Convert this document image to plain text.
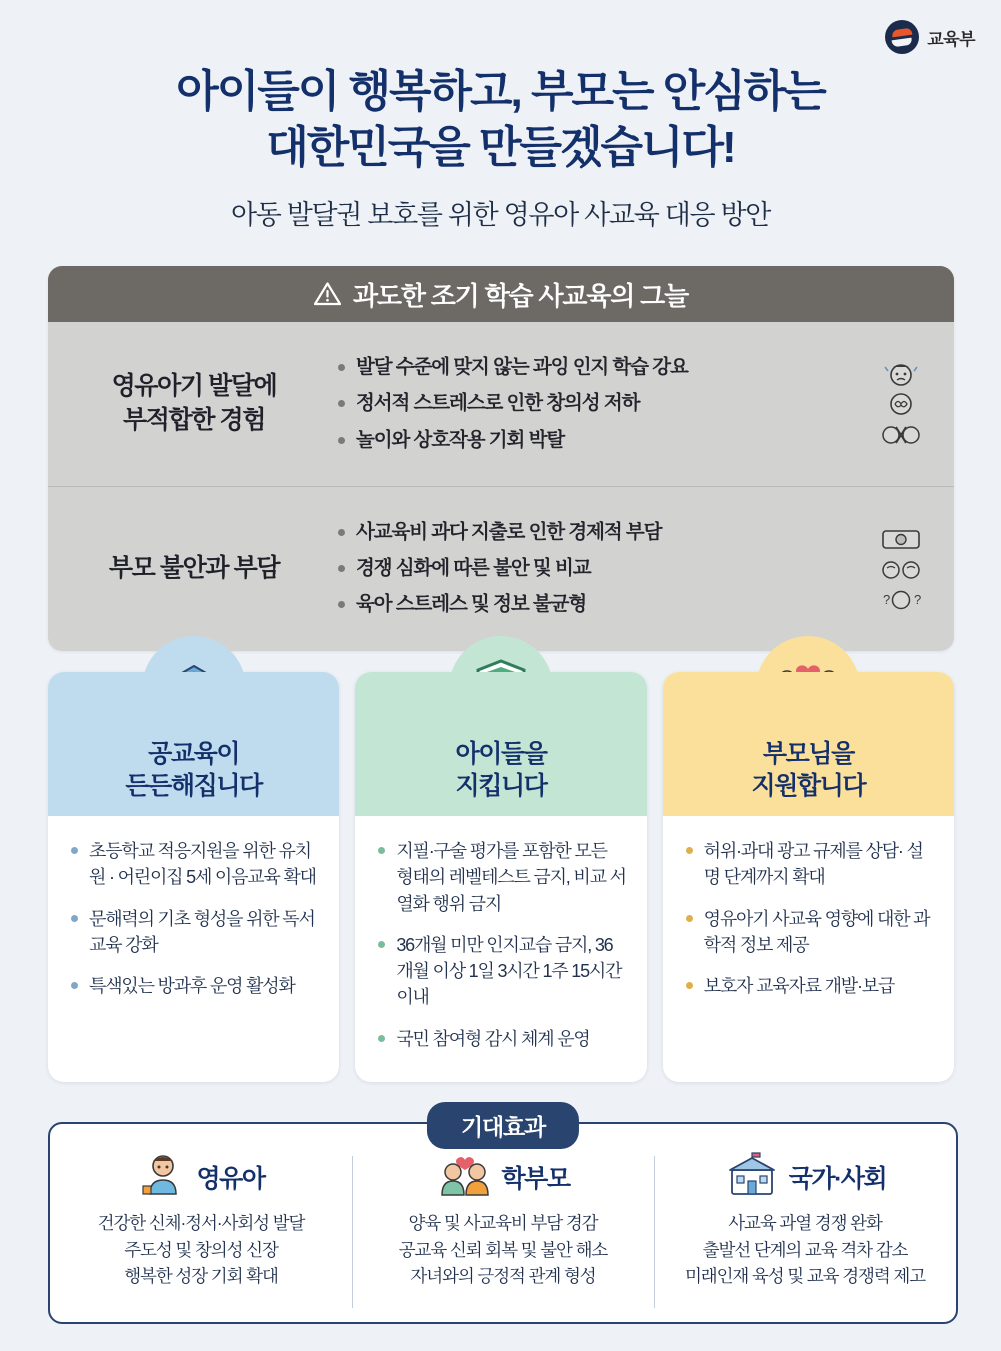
교육부
아이들이 행복하고, 부모는 안심하는
대한민국을 만들겠습니다!
아동 발달권 보호를 위한 영유아 사교육 대응 방안
과도한 조기 학습 사교육의 그늘
영유아기 발달에
부적합한 경험
발달 수준에 맞지 않는 과잉 인지 학습 강요
정서적 스트레스로 인한 창의성 저하
놀이와 상호작용 기회 박탈
부모 불안과 부담
사교육비 과다 지출로 인한 경제적 부담
경쟁 심화에 따른 불안 및 비교
육아 스트레스 및 정보 불균형	? ?
공교육이
든든해집니다
초등학교 적응지원을 위한 유치원 · 어린이집 5세 이음교육 확대
문해력의 기초 형성을 위한 독서교육 강화
특색있는 방과후 운영 활성화
아이들을
지킵니다
지필·구술 평가를 포함한 모든 형태의 레벨테스트 금지, 비교 서열화 행위 금지
36개월 미만 인지교습 금지, 36개월 이상 1일 3시간 1주 15시간 이내
국민 참여형 감시 체계 운영
부모님을
지원합니다
허위·과대 광고 규제를 상담· 설명 단계까지 확대
영유아기 사교육 영향에 대한 과학적 정보 제공
보호자 교육자료 개발·보급
기대효과
영유아
건강한 신체·정서·사회성 발달
주도성 및 창의성 신장
행복한 성장 기회 확대
학부모
양육 및 사교육비 부담 경감
공교육 신뢰 회복 및 불안 해소
자녀와의 긍정적 관계 형성
국가·사회
사교육 과열 경쟁 완화
출발선 단계의 교육 격차 감소
미래인재 육성 및 교육 경쟁력 제고
